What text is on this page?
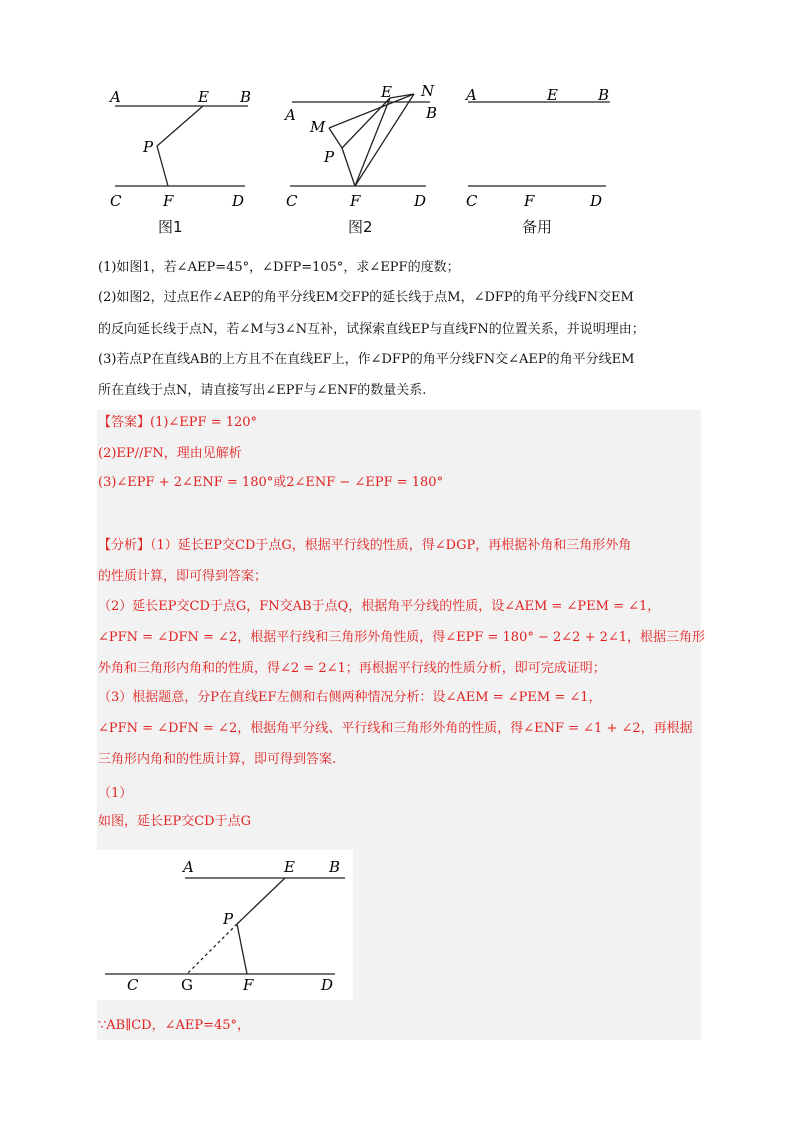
A	E B
P
C	F	D
图1
E N
A	B
M
P
C	F	D
图2
A	E	B
C	F	D
备用
(1)如图1，若∠AEP=45°，∠DFP=105°，求∠EPF的度数；
(2)如图2，过点E作∠AEP的角平分线EM交FP的延长线于点M，∠DFP的角平分线FN交EM
的反向延长线于点N，若∠M与3∠N互补，试探索直线EP与直线FN的位置关系，并说明理由；
(3)若点P在直线AB的上方且不在直线EF上，作∠DFP的角平分线FN交∠AEP的角平分线EM
所在直线于点N，请直接写出∠EPF与∠ENF的数量关系.
【答案】(1)∠EPF = 120°
(2)EP//FN，理由见解析
(3)∠EPF + 2∠ENF = 180°或2∠ENF − ∠EPF = 180°
【分析】（1）延长EP交CD于点G，根据平行线的性质，得∠DGP，再根据补角和三角形外角
的性质计算，即可得到答案；
（2）延长EP交CD于点G，FN交AB于点Q，根据角平分线的性质，设∠AEM = ∠PEM = ∠1，
∠PFN = ∠DFN = ∠2，根据平行线和三角形外角性质，得∠EPF = 180° − 2∠2 + 2∠1，根据三角形
外角和三角形内角和的性质，得∠2 = 2∠1；再根据平行线的性质分析，即可完成证明；
（3）根据题意，分P在直线EF左侧和右侧两种情况分析：设∠AEM = ∠PEM = ∠1，
∠PFN = ∠DFN = ∠2，根据角平分线、平行线和三角形外角的性质，得∠ENF = ∠1 + ∠2，再根据
三角形内角和的性质计算，即可得到答案.
（1）
如图，延长EP交CD于点G
A	E B
P
C	G	F	D
∵AB∥CD，∠AEP=45°，
